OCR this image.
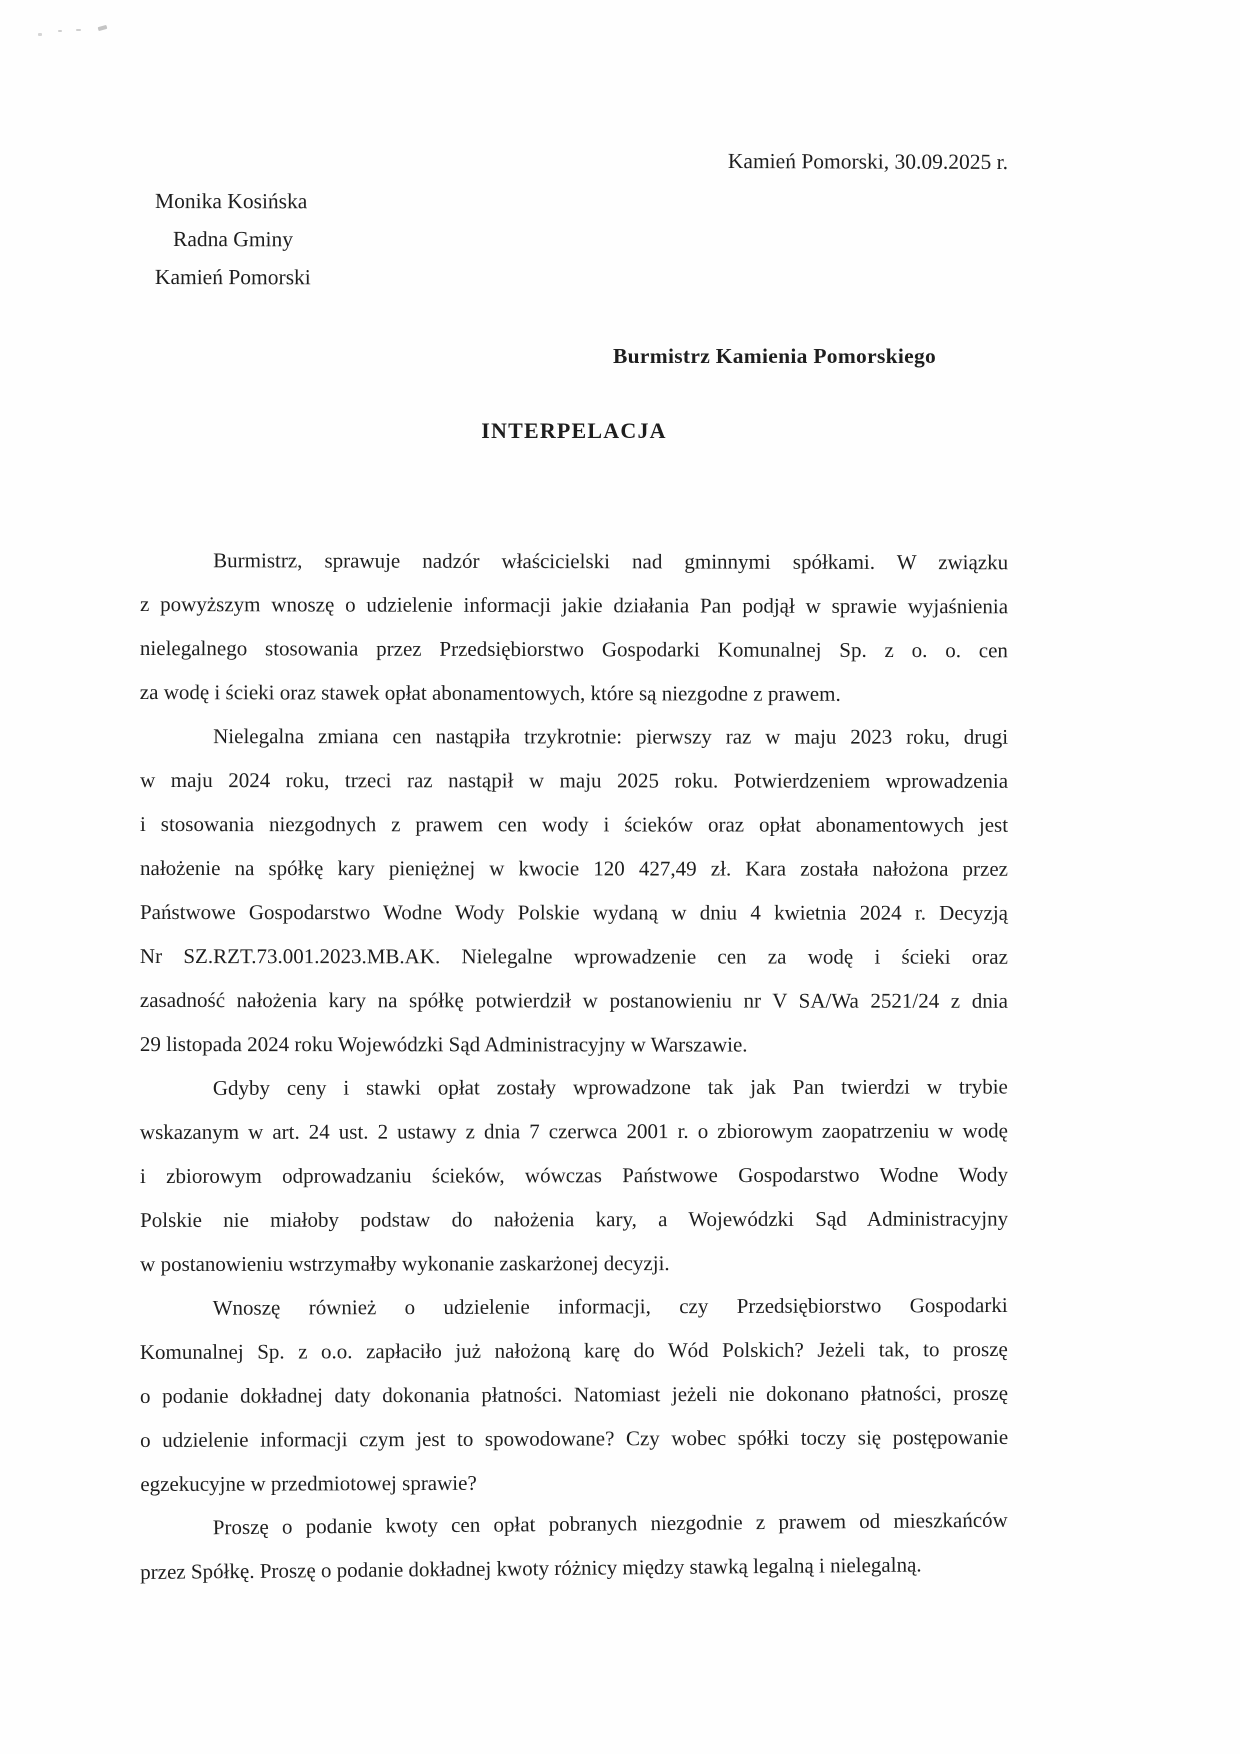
Kamień Pomorski, 30.09.2025 r.
Monika Kosińska
Radna Gminy
Kamień Pomorski
Burmistrz Kamienia Pomorskiego
INTERPELACJA
Burmistrz, sprawuje nadzór właścicielski nad gminnymi spółkami. W związku
z powyższym wnoszę o udzielenie informacji jakie działania Pan podjął w sprawie wyjaśnienia
nielegalnego stosowania przez Przedsiębiorstwo Gospodarki Komunalnej Sp. z o. o. cen
za wodę i ścieki oraz stawek opłat abonamentowych, które są niezgodne z prawem.
Nielegalna zmiana cen nastąpiła trzykrotnie: pierwszy raz w maju 2023 roku, drugi
w maju 2024 roku, trzeci raz nastąpił w maju 2025 roku. Potwierdzeniem wprowadzenia
i stosowania niezgodnych z prawem cen wody i ścieków oraz opłat abonamentowych jest
nałożenie na spółkę kary pieniężnej w kwocie 120 427,49 zł. Kara została nałożona przez
Państwowe Gospodarstwo Wodne Wody Polskie wydaną w dniu 4 kwietnia 2024 r. Decyzją
Nr SZ.RZT.73.001.2023.MB.AK. Nielegalne wprowadzenie cen za wodę i ścieki oraz
zasadność nałożenia kary na spółkę potwierdził w postanowieniu nr V SA/Wa 2521/24 z dnia
29 listopada 2024 roku Wojewódzki Sąd Administracyjny w Warszawie.
Gdyby ceny i stawki opłat zostały wprowadzone tak jak Pan twierdzi w trybie
wskazanym w art. 24 ust. 2 ustawy z dnia 7 czerwca 2001 r. o zbiorowym zaopatrzeniu w wodę
i zbiorowym odprowadzaniu ścieków, wówczas Państwowe Gospodarstwo Wodne Wody
Polskie nie miałoby podstaw do nałożenia kary, a Wojewódzki Sąd Administracyjny
w postanowieniu wstrzymałby wykonanie zaskarżonej decyzji.
Wnoszę również o udzielenie informacji, czy Przedsiębiorstwo Gospodarki
Komunalnej Sp. z o.o. zapłaciło już nałożoną karę do Wód Polskich? Jeżeli tak, to proszę
o podanie dokładnej daty dokonania płatności. Natomiast jeżeli nie dokonano płatności, proszę
o udzielenie informacji czym jest to spowodowane? Czy wobec spółki toczy się postępowanie
egzekucyjne w przedmiotowej sprawie?
Proszę o podanie kwoty cen opłat pobranych niezgodnie z prawem od mieszkańców
przez Spółkę. Proszę o podanie dokładnej kwoty różnicy między stawką legalną i nielegalną.
